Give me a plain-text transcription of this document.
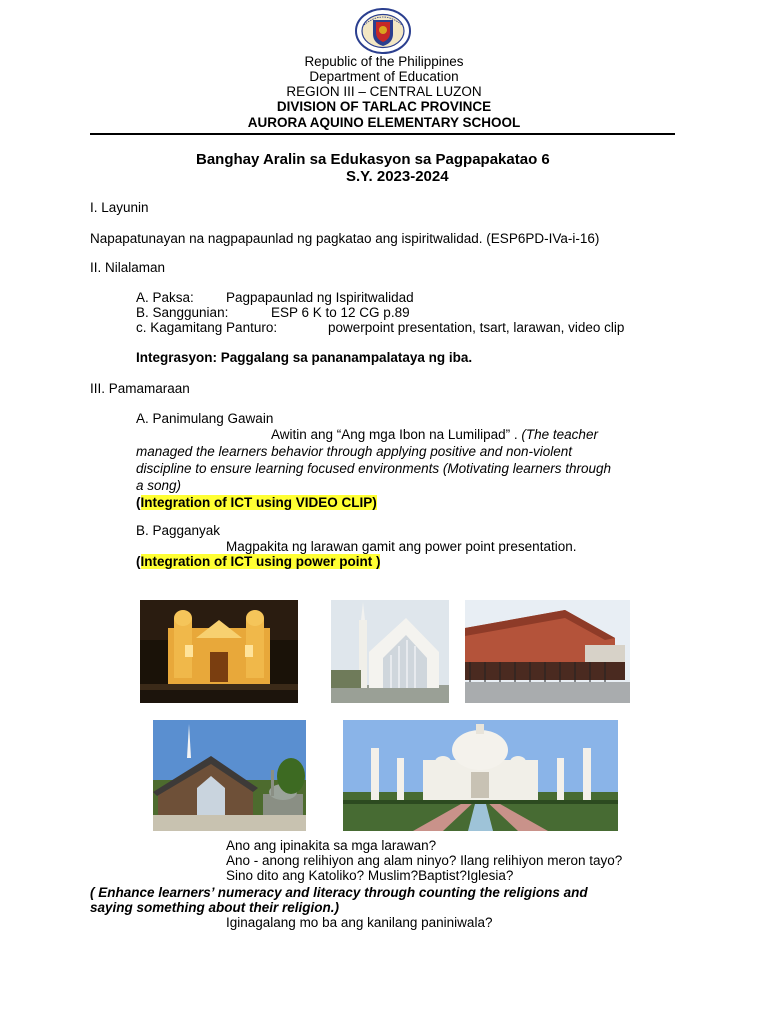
Republic of the Philippines
Department of Education
REGION III – CENTRAL LUZON
DIVISION OF TARLAC PROVINCE
AURORA AQUINO ELEMENTARY SCHOOL
Banghay Aralin sa Edukasyon sa Pagpapakatao 6
S.Y. 2023-2024
I. Layunin
Napapatunayan na nagpapaunlad ng pagkatao ang ispiritwalidad. (ESP6PD-IVa-i-16)
II. Nilalaman
A. Paksa: Pagpapaunlad ng Ispiritwalidad
B. Sanggunian:	ESP 6 K to 12 CG p.89
c. Kagamitang Panturo:	powerpoint presentation, tsart, larawan, video clip
Integrasyon: Paggalang sa pananampalataya ng iba.
III. Pamamaraan
A. Panimulang Gawain
Awitin ang “Ang mga Ibon na Lumilipad” . (The teacher
managed the learners behavior through applying positive and non-violent
discipline to ensure learning focused environments (Motivating learners through
a song)
(Integration of ICT using VIDEO CLIP)
B. Pagganyak
Magpakita ng larawan gamit ang power point presentation.
(Integration of ICT using power point )
Ano ang ipinakita sa mga larawan?
Ano - anong relihiyon ang alam ninyo? Ilang relihiyon meron tayo?
Sino dito ang Katoliko? Muslim?Baptist?Iglesia?
( Enhance learners’ numeracy and literacy through counting the religions and
saying something about their religion.)
Iginagalang mo ba ang kanilang paniniwala?
